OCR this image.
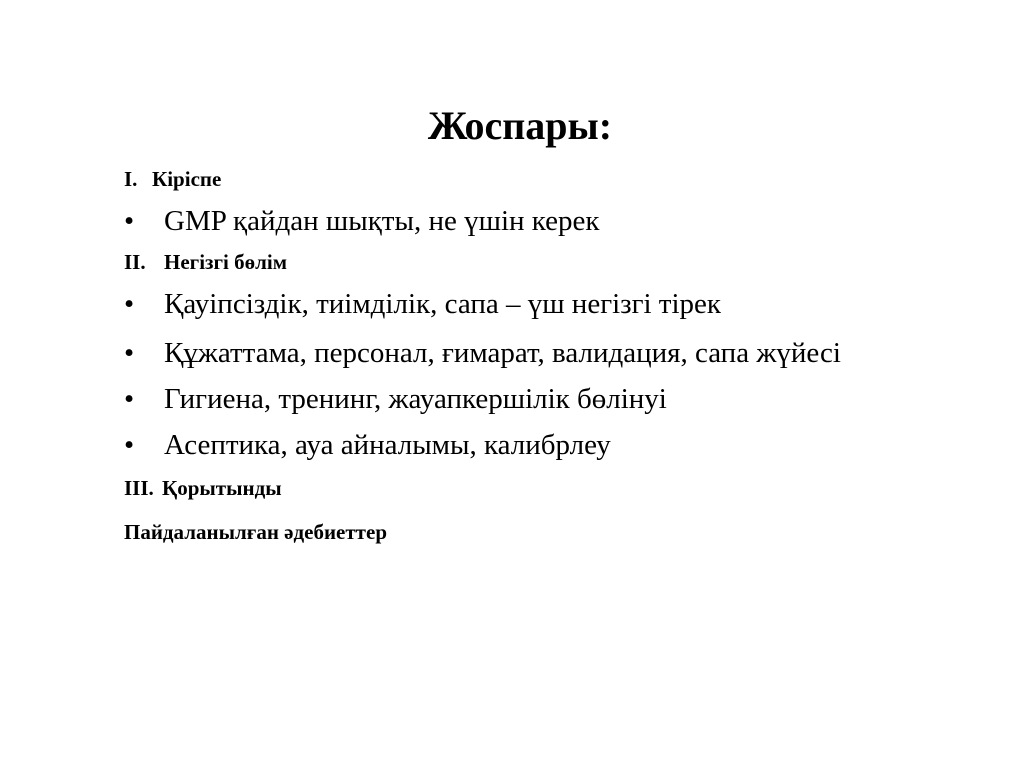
Жоспары:
I. Кіріспе
• GMP қайдан шықты, не үшін керек
II. Негізгі бөлім
• Қауіпсіздік, тиімділік, сапа – үш негізгі тірек
• Құжаттама, персонал, ғимарат, валидация, сапа жүйесі
• Гигиена, тренинг, жауапкершілік бөлінуі
• Асептика, ауа айналымы, калибрлеу
III. Қорытынды
Пайдаланылған әдебиеттер
